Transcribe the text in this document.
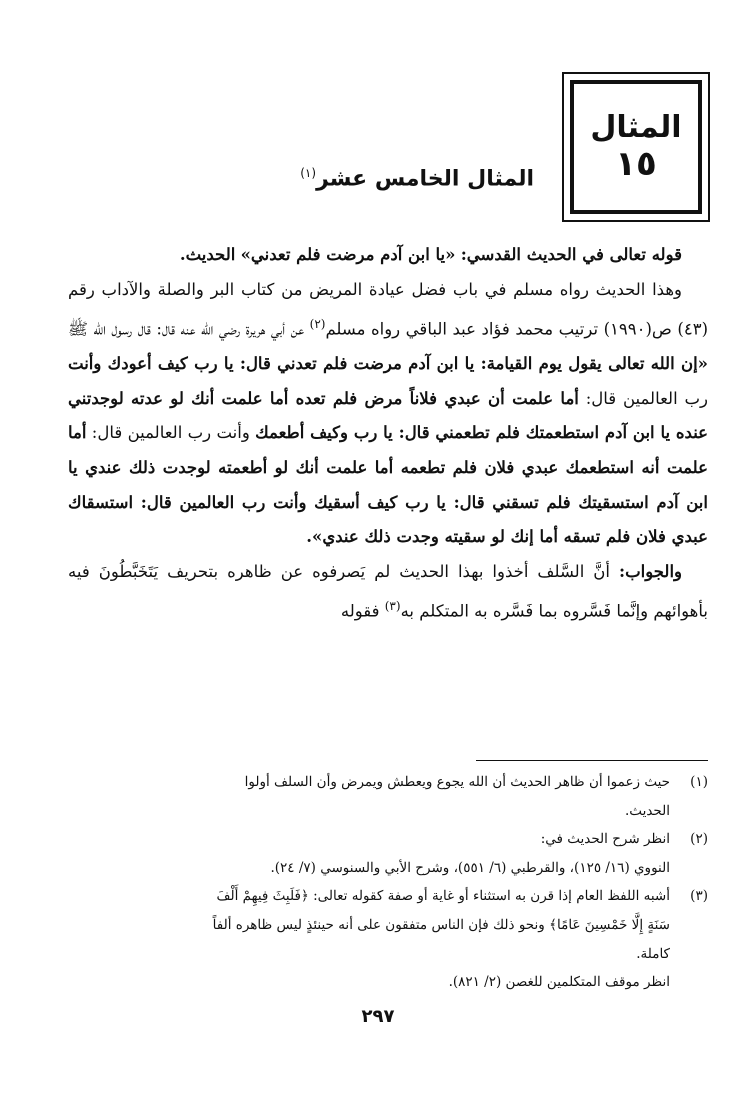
المثال
١٥
المثال الخامس عشر$^{(١)}$

قوله تعالى في الحديث القدسي: «يا ابن آدم مرضت فلم تعدني» الحديث.

وهذا الحديث رواه مسلم في باب فضل عيادة المريض من كتاب البر والصلة والآداب رقم (٤٣) ص(١٩٩٠) ترتيب محمد فؤاد عبد الباقي رواه مسلم$^{(٢)}$ عن أبي هريرة رضي الله عنه قال: قال رسول الله ﷺ «إن الله تعالى يقول يوم القيامة: يا ابن آدم مرضت فلم تعدني قال: يا رب كيف أعودك وأنت رب العالمين قال: أما علمت أن عبدي فلاناً مرض فلم تعده أما علمت أنك لو عدته لوجدتني عنده يا ابن آدم استطعمتك فلم تطعمني قال: يا رب وكيف أطعمك وأنت رب العالمين قال: أما علمت أنه استطعمك عبدي فلان فلم تطعمه أما علمت أنك لو أطعمته لوجدت ذلك عندي يا ابن آدم استسقيتك فلم تسقني قال: يا رب كيف أسقيك وأنت رب العالمين قال: استسقاك عبدي فلان فلم تسقه أما إنك لو سقيته وجدت ذلك عندي».

والجواب: أنَّ السَّلف أخذوا بهذا الحديث لم يَصرفوه عن ظاهره بتحريف يَتَخَبَّطُونَ فيه بأهوائهم وإنَّما فَسَّروه بما فَسَّره به المتكلم به$^{(٣)}$ فقوله

(١)
حيث زعموا أن ظاهر الحديث أن الله يجوع ويعطش ويمرض وأن السلف أولوا
الحديث.
(٢)
انظر شرح الحديث في:
النووي (١٦/ ١٢٥)، والقرطبي (٦/ ٥٥١)، وشرح الأبي والسنوسي (٧/ ٢٤).
(٣)
أشبه اللفظ العام إذا قرن به استثناء أو غاية أو صفة كقوله تعالى: ﴿فَلَبِثَ فِيهِمْ أَلْفَ
سَنَةٍ إِلَّا خَمْسِينَ عَامًا﴾ ونحو ذلك فإن الناس متفقون على أنه حينئذٍ ليس ظاهره ألفاً
كاملة.
انظر موقف المتكلمين للغصن (٢/ ٨٢١).
٢٩٧
